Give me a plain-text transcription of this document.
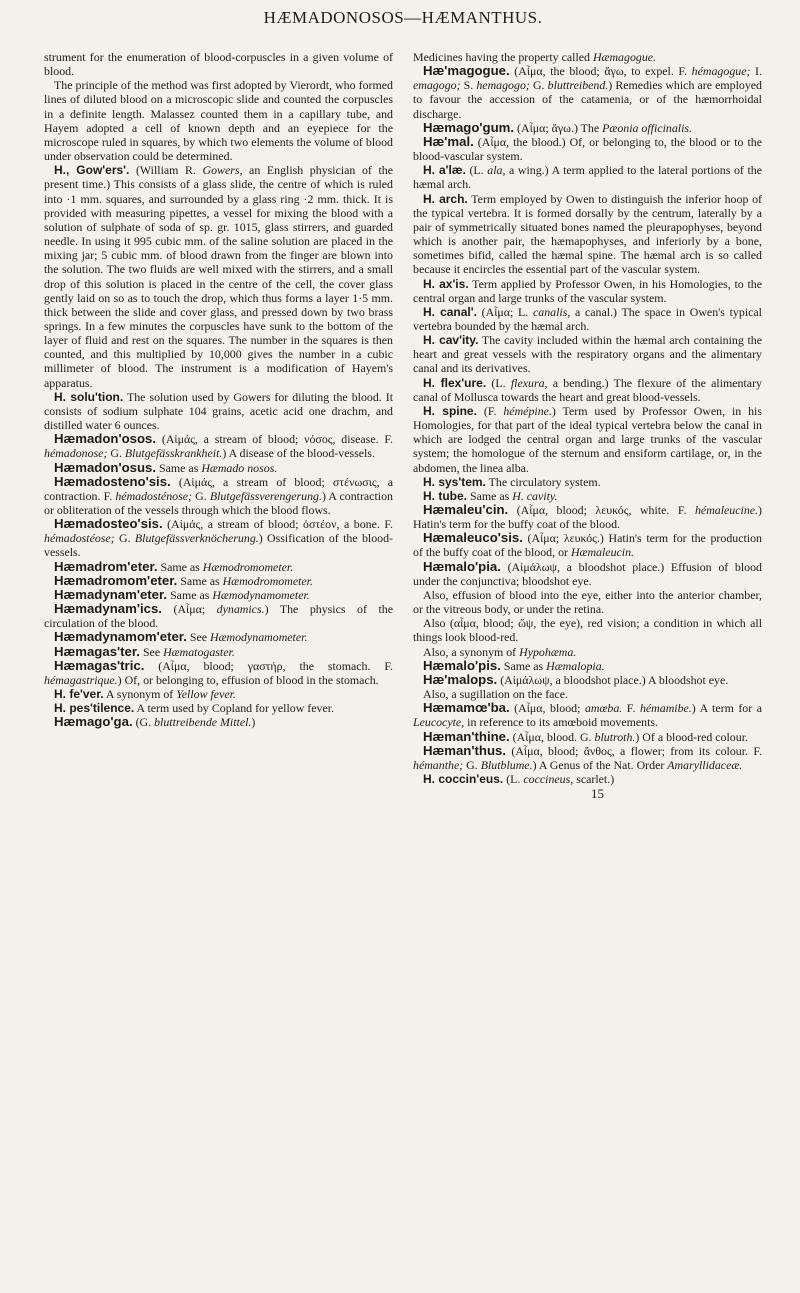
HÆMADONOSOS—HÆMANTHUS.

strument for the enumeration of blood-corpuscles in a given volume of blood.

The principle of the method was first adopted by Vierordt, who formed lines of diluted blood on a microscopic slide and counted the corpuscles in a definite length. Malassez counted them in a capillary tube, and Hayem adopted a cell of known depth and an eyepiece for the microscope ruled in squares, by which two elements the volume of blood under observation could be determined.

H., Gow'ers'. (William R. Gowers, an English physician of the present time.) This consists of a glass slide, the centre of which is ruled into ·1 mm. squares, and surrounded by a glass ring ·2 mm. thick. It is provided with measuring pipettes, a vessel for mixing the blood with a solution of sulphate of soda of sp. gr. 1015, glass stirrers, and guarded needle. In using it 995 cubic mm. of the saline solution are placed in the mixing jar; 5 cubic mm. of blood drawn from the finger are blown into the solution. The two fluids are well mixed with the stirrers, and a small drop of this solution is placed in the centre of the cell, the cover glass gently laid on so as to touch the drop, which thus forms a layer 1·5 mm. thick between the slide and cover glass, and pressed down by two brass springs. In a few minutes the corpuscles have sunk to the bottom of the layer of fluid and rest on the squares. The number in the squares is then counted, and this multiplied by 10,000 gives the number in a cubic millimeter of blood. The instrument is a modification of Hayem's apparatus.

H. solu'tion. The solution used by Gowers for diluting the blood. It consists of sodium sulphate 104 grains, acetic acid one drachm, and distilled water 6 ounces.

Hæmadon'osos. (Αἱμάς, a stream of blood; νόσος, disease. F. hémadonose; G. Blutgefässkrankheit.) A disease of the blood-vessels.

Hæmadon'osus. Same as Hæmado nosos.

Hæmadosteno'sis. (Αἱμάς, a stream of blood; στένωσις, a contraction. F. hémadosténose; G. Blutgefässverengerung.) A contraction or obliteration of the vessels through which the blood flows.

Hæmadosteo'sis. (Αἱμάς, a stream of blood; ὀστέον, a bone. F. hémadostéose; G. Blutgefässverknöcherung.) Ossification of the blood-vessels.

Hæmadrom'eter. Same as Hæmodromometer.

Hæmadromom'eter. Same as Hæmodromometer.

Hæmadynam'eter. Same as Hæmodynamometer.

Hæmadynam'ics. (Αἷμα; dynamics.) The physics of the circulation of the blood.

Hæmadynamom'eter. See Hæmodynamometer.

Hæmagas'ter. See Hæmatogaster.

Hæmagas'tric. (Αἷμα, blood; γαστήρ, the stomach. F. hémagastrique.) Of, or belonging to, effusion of blood in the stomach.

H. fe'ver. A synonym of Yellow fever.

H. pes'tilence. A term used by Copland for yellow fever.

Hæmago'ga. (G. bluttreibende Mittel.)

Medicines having the property called Hæmagogue.

Hæ'magogue. (Αἷμα, the blood; ἄγω, to expel. F. hémagogue; I. emagogo; S. hemagogo; G. bluttreibend.) Remedies which are employed to favour the accession of the catamenia, or of the hæmorrhoidal discharge.

Hæmago'gum. (Αἷμα; ἄγω.) The Pæonia officinalis.

Hæ'mal. (Αἷμα, the blood.) Of, or belonging to, the blood or to the blood-vascular system.

H. a'læ. (L. ala, a wing.) A term applied to the lateral portions of the hæmal arch.

H. arch. Term employed by Owen to distinguish the inferior hoop of the typical vertebra. It is formed dorsally by the centrum, laterally by a pair of symmetrically situated bones named the pleurapophyses, beyond which is another pair, the hæmapophyses, and inferiorly by a bone, sometimes bifid, called the hæmal spine. The hæmal arch is so called because it encircles the essential part of the vascular system.

H. ax'is. Term applied by Professor Owen, in his Homologies, to the central organ and large trunks of the vascular system.

H. canal'. (Αἷμα; L. canalis, a canal.) The space in Owen's typical vertebra bounded by the hæmal arch.

H. cav'ity. The cavity included within the hæmal arch containing the heart and great vessels with the respiratory organs and the alimentary canal and its derivatives.

H. flex'ure. (L. flexura, a bending.) The flexure of the alimentary canal of Mollusca towards the heart and great blood-vessels.

H. spine. (F. hémépine.) Term used by Professor Owen, in his Homologies, for that part of the ideal typical vertebra below the canal in which are lodged the central organ and large trunks of the vascular system; the homologue of the sternum and ensiform cartilage, or, in the abdomen, the linea alba.

H. sys'tem. The circulatory system.

H. tube. Same as H. cavity.

Hæmaleu'cin. (Αἷμα, blood; λευκός, white. F. hémaleucine.) Hatin's term for the buffy coat of the blood.

Hæmaleuco'sis. (Αἷμα; λευκός.) Hatin's term for the production of the buffy coat of the blood, or Hæmaleucin.

Hæmalo'pia. (Αἱμάλωψ, a bloodshot place.) Effusion of blood under the conjunctiva; bloodshot eye.

Also, effusion of blood into the eye, either into the anterior chamber, or the vitreous body, or under the retina.

Also (αἷμα, blood; ὤψ, the eye), red vision; a condition in which all things look blood-red.

Also, a synonym of Hypohæma.

Hæmalo'pis. Same as Hæmalopia.

Hæ'malops. (Αἱμάλωψ, a bloodshot place.) A bloodshot eye.

Also, a sugillation on the face.

Hæmamœ'ba. (Αἷμα, blood; amœba. F. hémamibe.) A term for a Leucocyte, in reference to its amœboid movements.

Hæman'thine. (Αἷμα, blood. G. blutroth.) Of a blood-red colour.

Hæman'thus. (Αἷμα, blood; ἄνθος, a flower; from its colour. F. hémanthe; G. Blutblume.) A Genus of the Nat. Order Amaryllidaceæ.

H. coccin'eus. (L. coccineus, scarlet.)

15
